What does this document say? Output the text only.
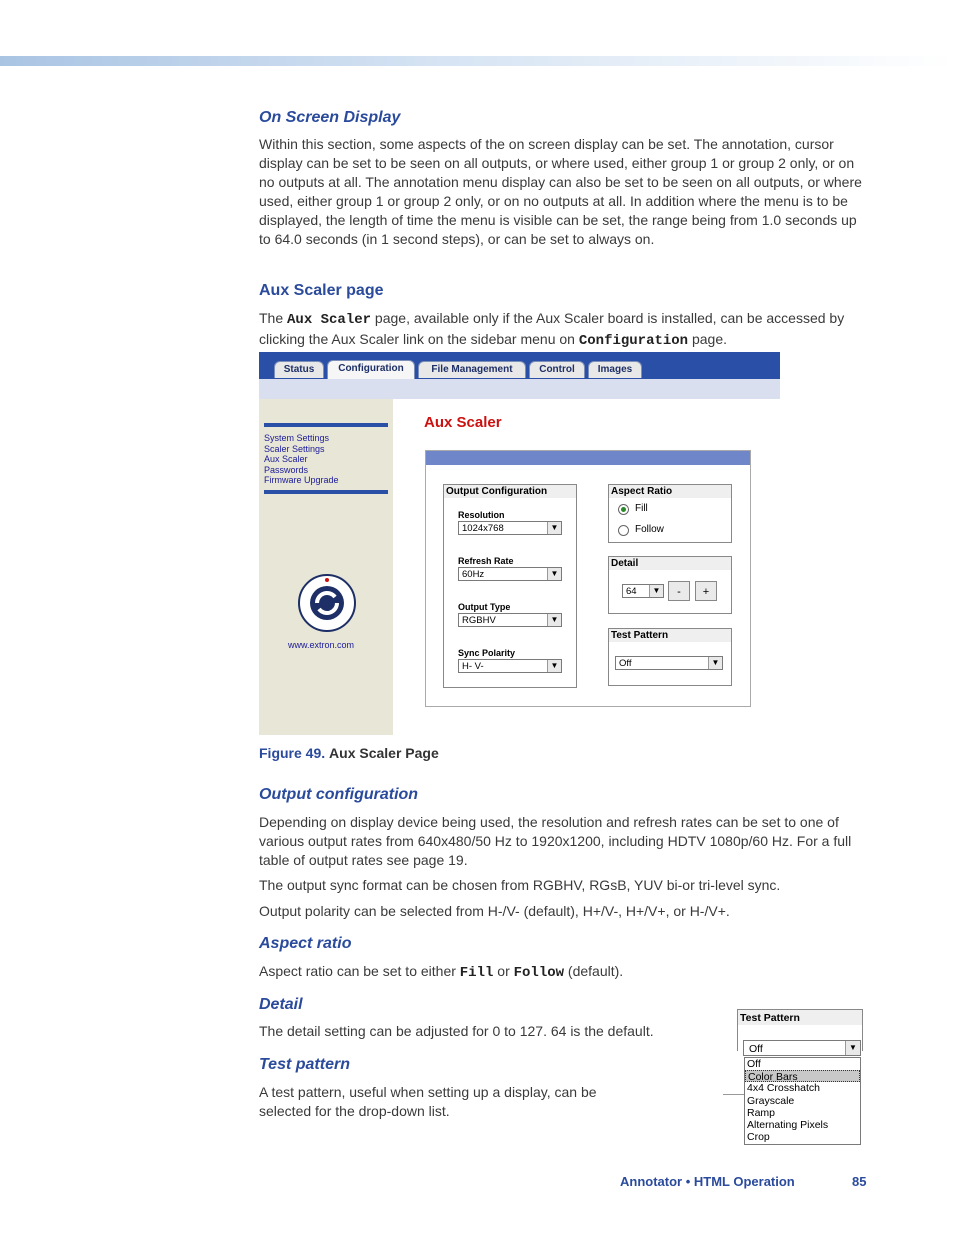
On Screen Display

Within this section, some aspects of the on screen display can be set. The annotation, cursor display can be set to be seen on all outputs, or where used, either group 1 or group 2 only, or on no outputs at all. The annotation menu display can also be set to be seen on all outputs, or where used, either group 1 or group 2 only, or on no outputs at all. In addition where the menu is to be displayed, the length of time the menu is visible can be set, the range being from 1.0 seconds up to 64.0 seconds (in 1 second steps), or can be set to always on.

Aux Scaler page

The Aux Scaler page, available only if the Aux Scaler board is installed, can be accessed by clicking the Aux Scaler link on the sidebar menu on Configuration page.

Status	Configuration	File Management	Control	Images
System Settings
Scaler Settings
Aux Scaler
Passwords
Firmware Upgrade
www.extron.com
Aux Scaler
Output Configuration
Resolution
1024x768	▼
Refresh Rate
60Hz	▼
Output Type
RGBHV	▼
Sync Polarity
H- V-	▼
Aspect Ratio
Fill
Follow
Detail
64	▼	-	+
Test Pattern
Off	▼

Figure 49. Aux Scaler Page

Output configuration

Depending on display device being used, the resolution and refresh rates can be set to one of various output rates from 640x480/50 Hz to 1920x1200, including HDTV 1080p/60 Hz. For a full table of output rates see page 19.

The output sync format can be chosen from RGBHV, RGsB, YUV bi-or tri-level sync.

Output polarity can be selected from H-/V- (default), H+/V-, H+/V+, or H-/V+.

Aspect ratio

Aspect ratio can be set to either Fill or Follow (default).

Detail

The detail setting can be adjusted for 0 to 127. 64 is the default.

Test pattern

A test pattern, useful when setting up a display, can be selected for the drop-down list.

Test Pattern
Off	▼
Off
Color Bars
4x4 Crosshatch
Grayscale
Ramp
Alternating Pixels
Crop

Annotator • HTML Operation	85
